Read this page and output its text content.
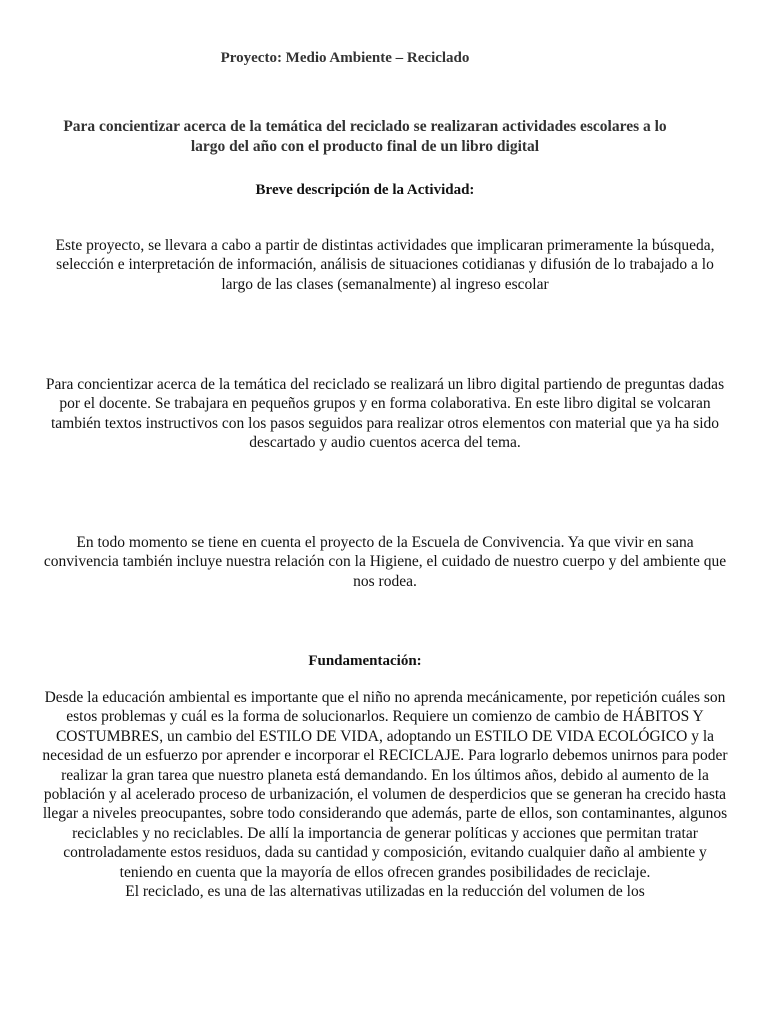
Proyecto: Medio Ambiente – Reciclado
Para concientizar acerca de la temática del reciclado se realizaran actividades escolares a lo largo del año con el producto final de un libro digital
Breve descripción de la Actividad:
Este proyecto, se llevara a cabo a partir de distintas actividades que implicaran primeramente la búsqueda, selección e interpretación de información, análisis de situaciones cotidianas y difusión de lo trabajado a lo largo de las clases (semanalmente) al ingreso escolar
Para concientizar acerca de la temática del reciclado se realizará un libro digital partiendo de preguntas dadas por el docente. Se trabajara en pequeños grupos y en forma colaborativa. En este libro digital se volcaran también textos instructivos con los pasos seguidos para realizar otros elementos con material que ya ha sido descartado y audio cuentos acerca del tema.
En todo momento se tiene en cuenta el proyecto de la Escuela de Convivencia. Ya que vivir en sana convivencia también incluye nuestra relación con la Higiene, el cuidado de nuestro cuerpo y del ambiente que nos rodea.
Fundamentación:
Desde la educación ambiental es importante que el niño no aprenda mecánicamente, por repetición cuáles son estos problemas y cuál es la forma de solucionarlos. Requiere un comienzo de cambio de HÁBITOS Y COSTUMBRES, un cambio del ESTILO DE VIDA, adoptando un ESTILO DE VIDA ECOLÓGICO y la necesidad de un esfuerzo por aprender e incorporar el RECICLAJE. Para lograrlo debemos unirnos para poder realizar la gran tarea que nuestro planeta está demandando. En los últimos años, debido al aumento de la población y al acelerado proceso de urbanización, el volumen de desperdicios que se generan ha crecido hasta llegar a niveles preocupantes, sobre todo considerando que además, parte de ellos, son contaminantes, algunos reciclables y no reciclables. De allí la importancia de generar políticas y acciones que permitan tratar controladamente estos residuos, dada su cantidad y composición, evitando cualquier daño al ambiente y teniendo en cuenta que la mayoría de ellos ofrecen grandes posibilidades de reciclaje.
El reciclado, es una de las alternativas utilizadas en la reducción del volumen de los
